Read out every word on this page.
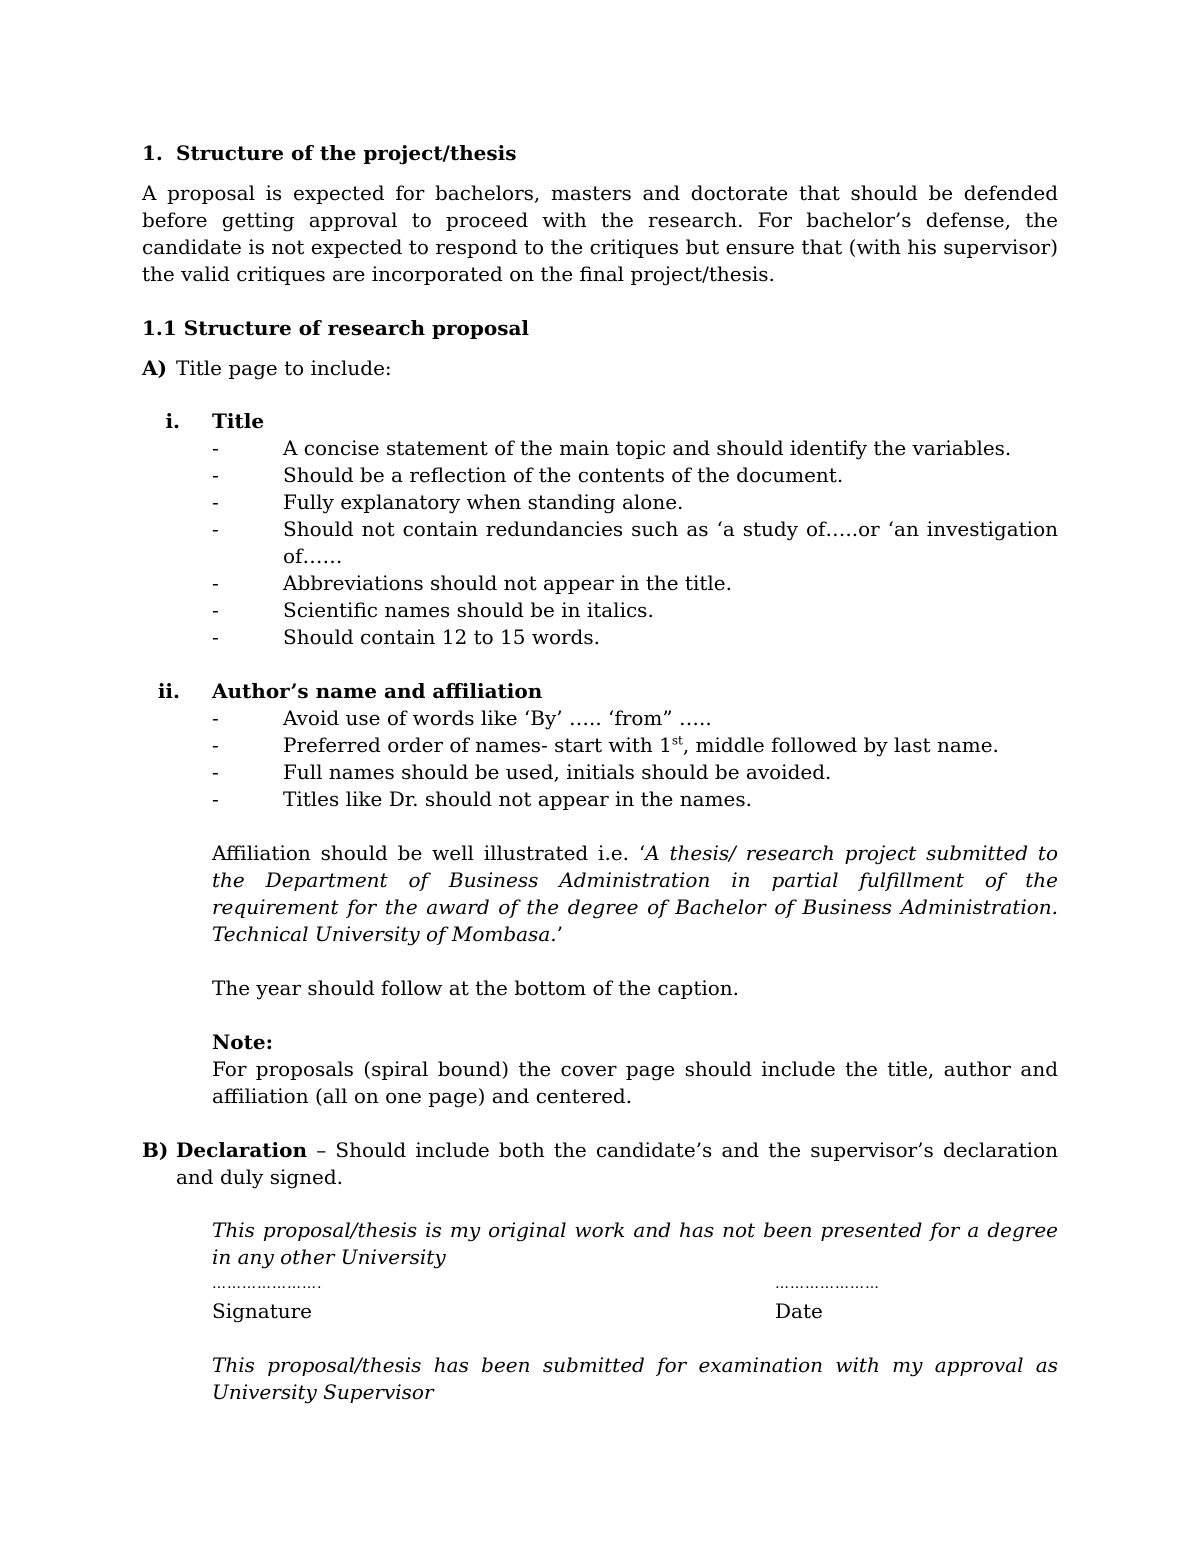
1. Structure of the project/thesis

A proposal is expected for bachelors, masters and doctorate that should be defended before getting approval to proceed with the research. For bachelor’s defense, the candidate is not expected to respond to the critiques but ensure that (with his supervisor) the valid critiques are incorporated on the final project/thesis.

1.1 Structure of research proposal

A) Title page to include:

i. Title

- A concise statement of the main topic and should identify the variables.
- Should be a reflection of the contents of the document.
- Fully explanatory when standing alone.
- Should not contain redundancies such as ‘a study of…..or ‘an investigation of……
- Abbreviations should not appear in the title.
- Scientific names should be in italics.
- Should contain 12 to 15 words.

ii. Author’s name and affiliation

- Avoid use of words like ‘By’ ….. ‘from” …..
- Preferred order of names- start with 1st, middle followed by last name.
- Full names should be used, initials should be avoided.
- Titles like Dr. should not appear in the names.

Affiliation should be well illustrated i.e. ‘A thesis/ research project submitted to the Department of Business Administration in partial fulfillment of the requirement for the award of the degree of Bachelor of Business Administration. Technical University of Mombasa.’

The year should follow at the bottom of the caption.

Note:

For proposals (spiral bound) the cover page should include the title, author and affiliation (all on one page) and centered.

B) Declaration – Should include both the candidate’s and the supervisor’s declaration and duly signed.

This proposal/thesis is my original work and has not been presented for a degree in any other University

………………….	…………………
Signature	Date

This proposal/thesis has been submitted for examination with my approval as University Supervisor
